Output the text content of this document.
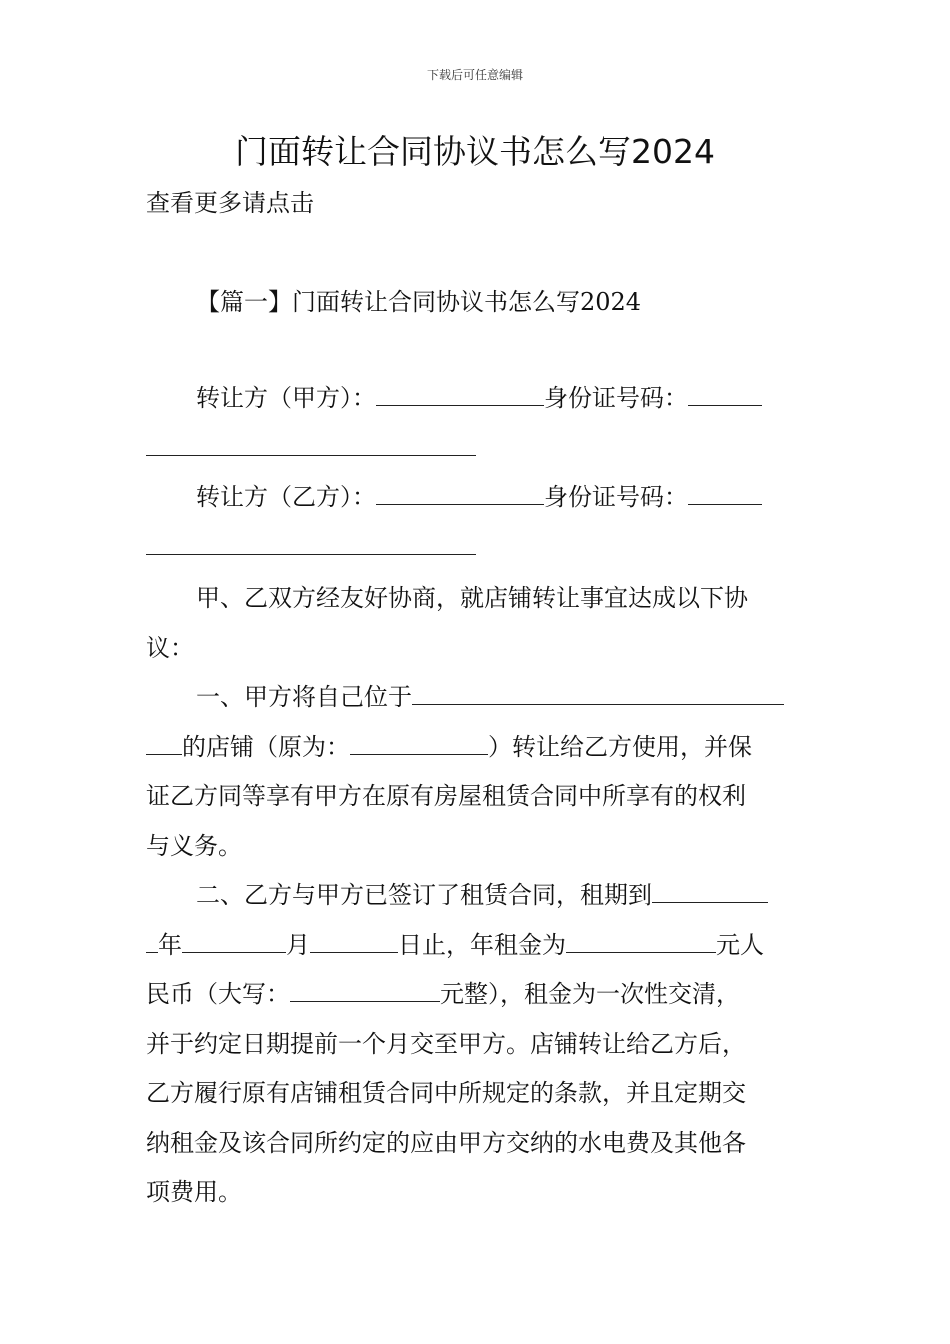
下载后可任意编辑
门面转让合同协议书怎么写2024
查看更多请点击
【篇一】门面转让合同协议书怎么写2024
转让方（甲方）：	身份证号码：
转让方（乙方）：	身份证号码：
甲、乙双方经友好协商，就店铺转让事宜达成以下协
议：
一、甲方将自己位于
的店铺（原为：	）转让给乙方使用，并保
证乙方同等享有甲方在原有房屋租赁合同中所享有的权利
与义务。
二、乙方与甲方已签订了租赁合同，租期到
年	月	日止，年租金为	元人
民币（大写：	元整），租金为一次性交清，
并于约定日期提前一个月交至甲方。店铺转让给乙方后，
乙方履行原有店铺租赁合同中所规定的条款，并且定期交
纳租金及该合同所约定的应由甲方交纳的水电费及其他各
项费用。
